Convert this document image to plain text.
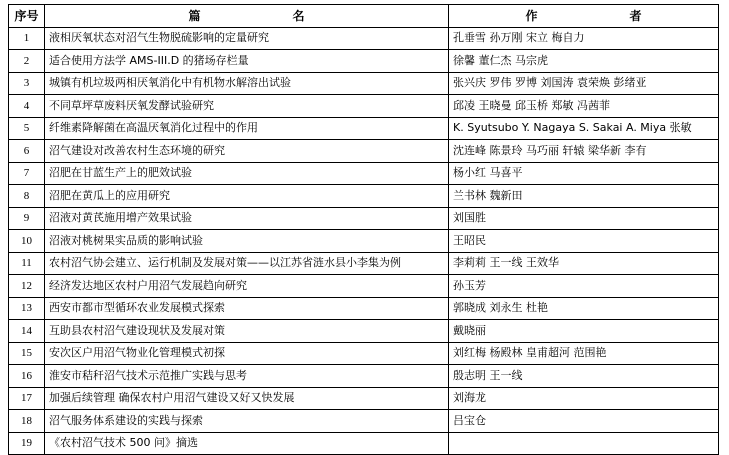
序号	篇 名	作 者
1	液相厌氧状态对沼气生物脱硫影响的定量研究	孔垂雪 孙万刚 宋立 梅自力
2	适合使用方法学 AMS-III.D 的猪场存栏量	徐馨 董仁杰 马宗虎
3	城镇有机垃圾两相厌氧消化中有机物水解溶出试验	张兴庆 罗伟 罗博 刘国涛 袁荣焕 彭绪亚
4	不同草坪草废料厌氧发酵试验研究	邱凌 王晓曼 邱玉桥 郑敏 冯茜菲
5	纤维素降解菌在高温厌氧消化过程中的作用	K. Syutsubo Y. Nagaya S. Sakai A. Miya 张敏
6	沼气建设对改善农村生态环境的研究	沈连峰 陈景玲 马巧丽 轩辕 梁华新 李有
7	沼肥在甘蓝生产上的肥效试验	杨小红 马喜平
8	沼肥在黄瓜上的应用研究	兰书林 魏新田
9	沼液对黄芪施用增产效果试验	刘国胜
10	沼液对桃树果实品质的影响试验	王昭民
11	农村沼气协会建立、运行机制及发展对策——以江苏省涟水县小李集为例	李莉莉 王一线 王效华
12	经济发达地区农村户用沼气发展趋向研究	孙玉芳
13	西安市都市型循环农业发展模式探索	郭晓成 刘永生 杜艳
14	互助县农村沼气建设现状及发展对策	戴晓丽
15	安次区户用沼气物业化管理模式初探	刘红梅 杨殿林 皇甫超河 范围艳
16	淮安市秸秆沼气技术示范推广实践与思考	殷志明 王一线
17	加强后续管理 确保农村户用沼气建设又好又快发展	刘海龙
18	沼气服务体系建设的实践与探索	吕宝仓
19	《农村沼气技术 500 问》摘选	
